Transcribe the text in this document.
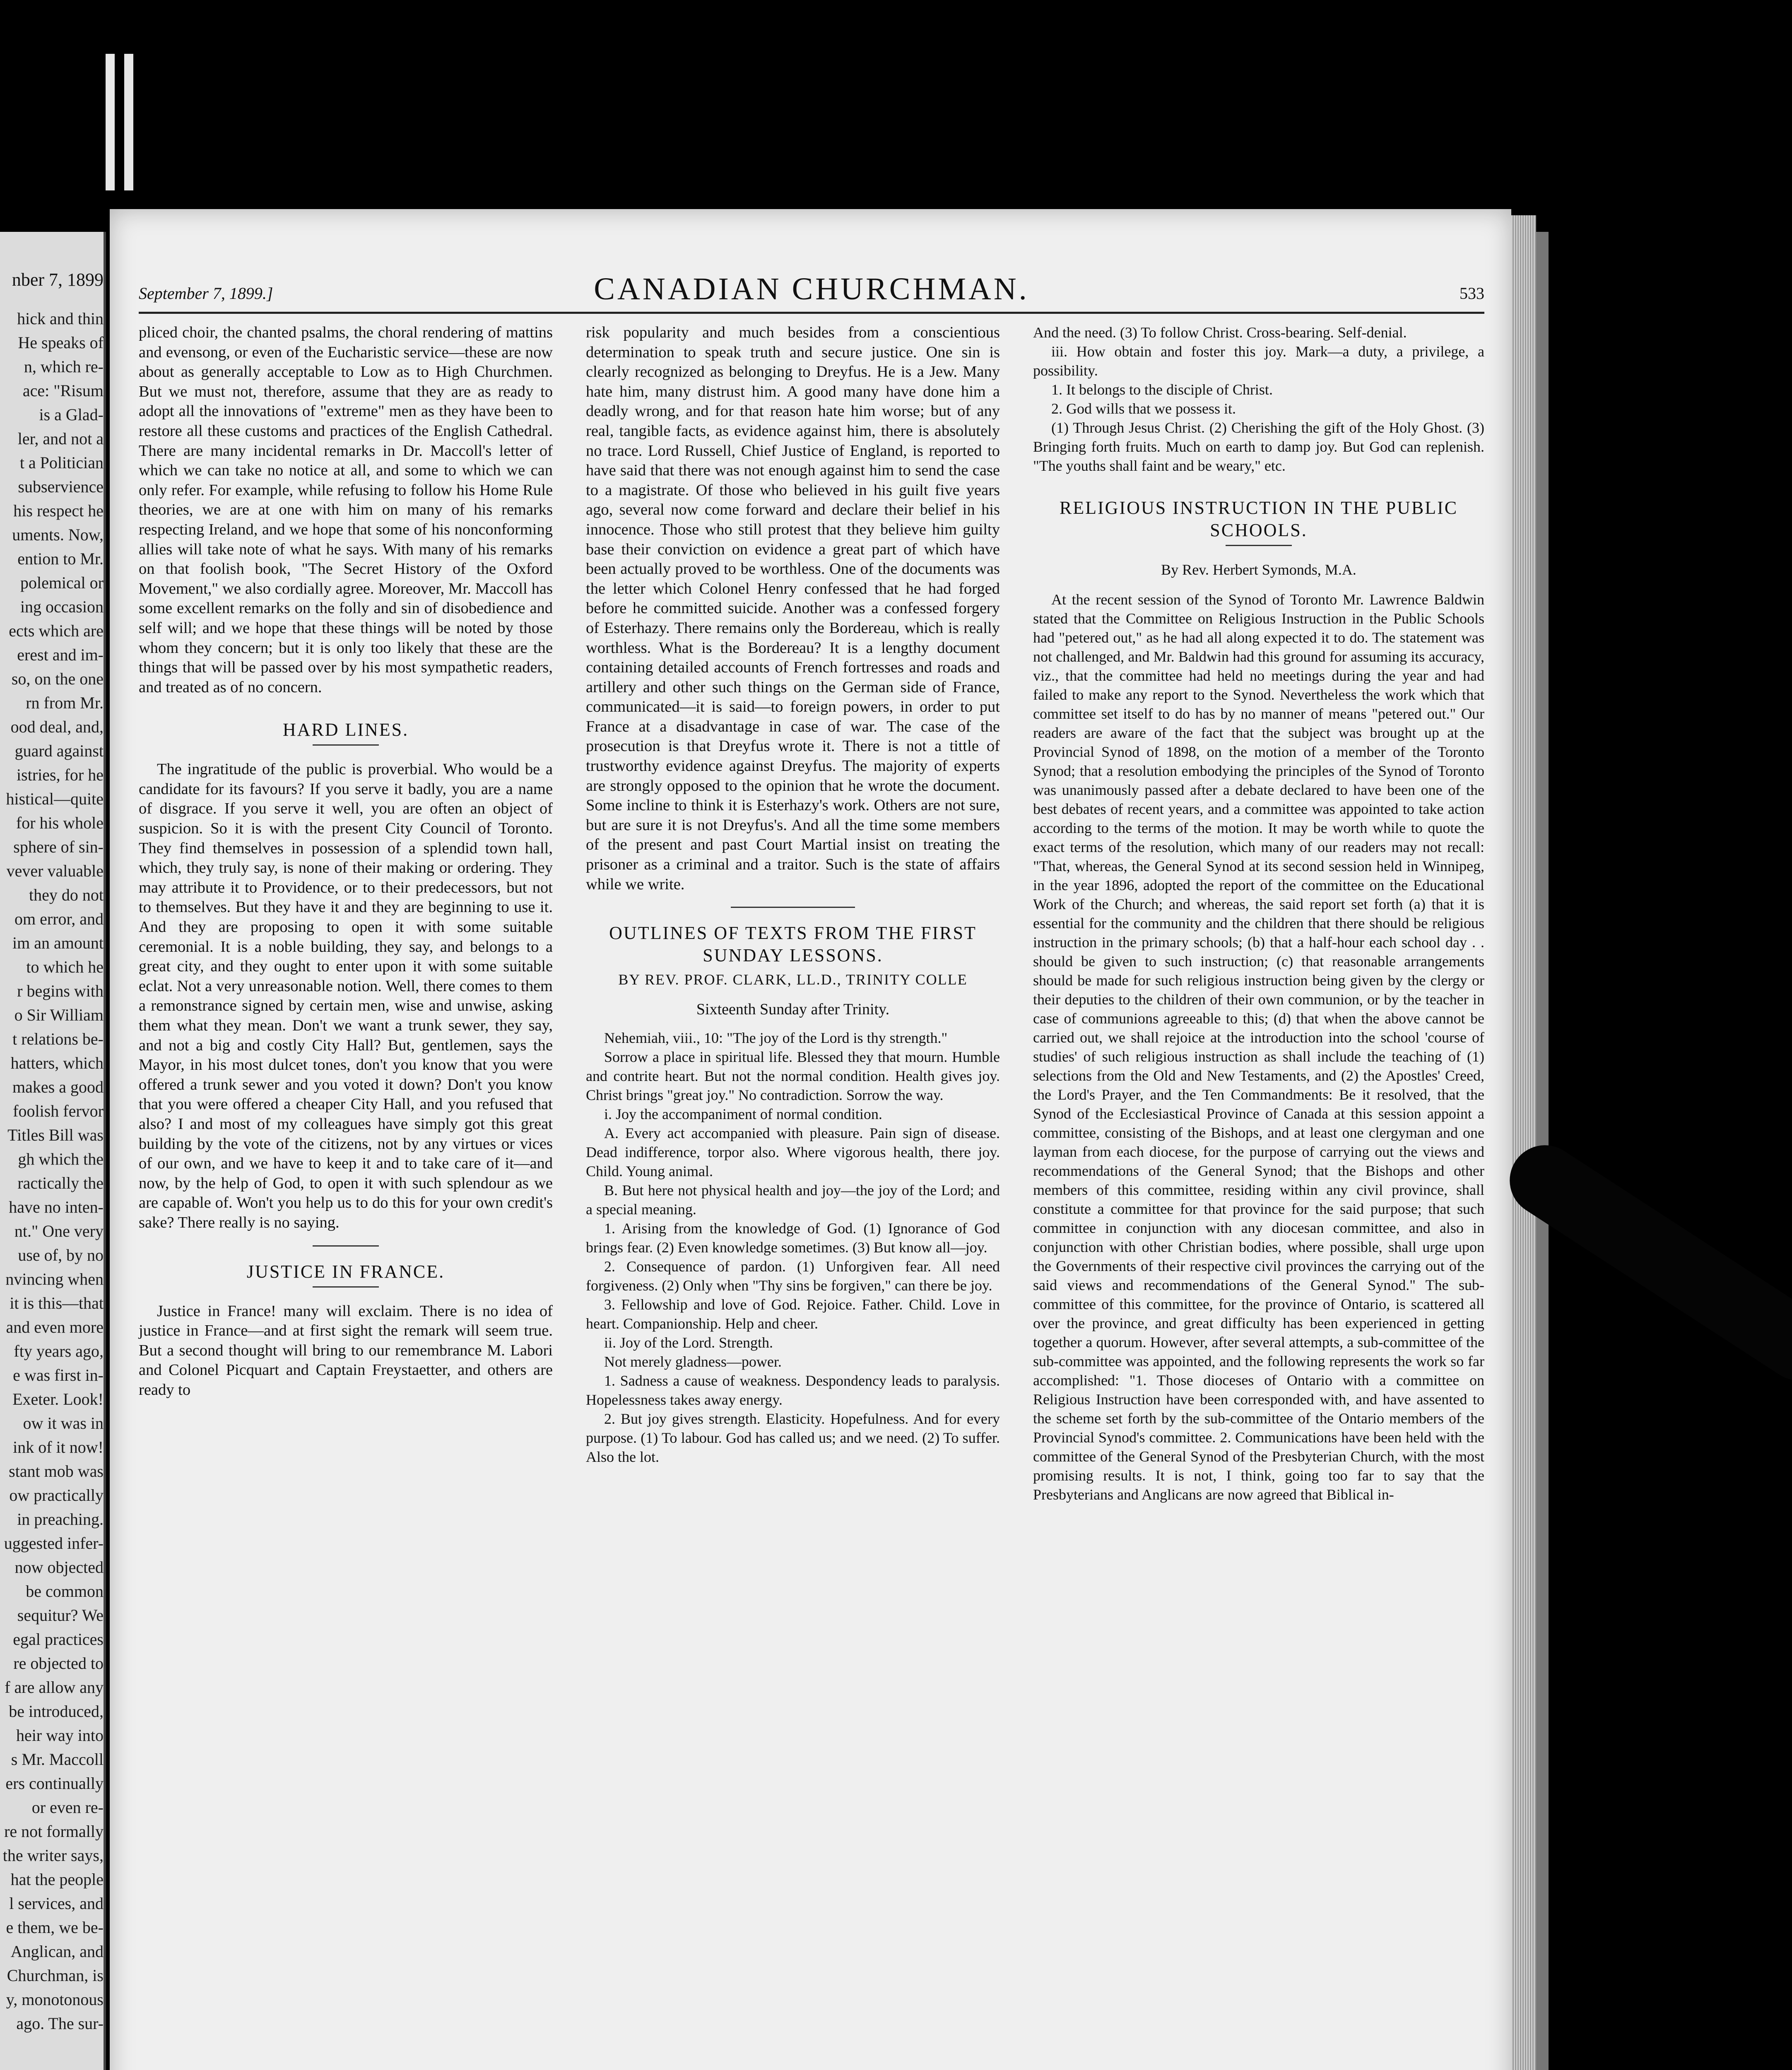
nber 7, 1899
hick and thin
He speaks of
n, which re-
ace: "Risum
is a Glad-
ler, and not a
t a Politician
subservience
his respect he
uments. Now,
ention to Mr.
polemical or
ing occasion
ects which are
erest and im-
so, on the one
rn from Mr.
ood deal, and,
guard against
istries, for he
histical—quite
for his whole
sphere of sin-
vever valuable
they do not
om error, and
im an amount
to which he
r begins with
o Sir William
t relations be-
hatters, which
makes a good
foolish fervor
Titles Bill was
gh which the
ractically the
have no inten-
nt." One very
use of, by no
nvincing when
it is this—that
and even more
fty years ago,
e was first in-
Exeter. Look!
ow it was in
ink of it now!
stant mob was
ow practically
in preaching.
uggested infer-
now objected
be common
sequitur? We
egal practices
re objected to
f are allow any
be introduced,
heir way into
s Mr. Maccoll
ers continually
or even re-
re not formally
the writer says,
hat the people
l services, and
e them, we be-
Anglican, and
Churchman, is
y, monotonous
ago. The sur-
September 7, 1899.]	CANADIAN CHURCHMAN.	533

pliced choir, the chanted psalms, the choral rendering of mattins and evensong, or even of the Eucharistic service—these are now about as generally acceptable to Low as to High Churchmen. But we must not, therefore, assume that they are as ready to adopt all the innovations of "extreme" men as they have been to restore all these customs and practices of the English Cathedral. There are many incidental remarks in Dr. Maccoll's letter of which we can take no notice at all, and some to which we can only refer. For example, while refusing to follow his Home Rule theories, we are at one with him on many of his remarks respecting Ireland, and we hope that some of his nonconforming allies will take note of what he says. With many of his remarks on that foolish book, "The Secret History of the Oxford Movement," we also cordially agree. Moreover, Mr. Maccoll has some excellent remarks on the folly and sin of disobedience and self will; and we hope that these things will be noted by those whom they concern; but it is only too likely that these are the things that will be passed over by his most sympathetic readers, and treated as of no concern.

HARD LINES.

The ingratitude of the public is proverbial. Who would be a candidate for its favours? If you serve it badly, you are a name of disgrace. If you serve it well, you are often an object of suspicion. So it is with the present City Council of Toronto. They find themselves in possession of a splendid town hall, which, they truly say, is none of their making or ordering. They may attribute it to Providence, or to their predecessors, but not to themselves. But they have it and they are beginning to use it. And they are proposing to open it with some suitable ceremonial. It is a noble building, they say, and belongs to a great city, and they ought to enter upon it with some suitable eclat. Not a very unreasonable notion. Well, there comes to them a remonstrance signed by certain men, wise and unwise, asking them what they mean. Don't we want a trunk sewer, they say, and not a big and costly City Hall? But, gentlemen, says the Mayor, in his most dulcet tones, don't you know that you were offered a trunk sewer and you voted it down? Don't you know that you were offered a cheaper City Hall, and you refused that also? I and most of my colleagues have simply got this great building by the vote of the citizens, not by any virtues or vices of our own, and we have to keep it and to take care of it—and now, by the help of God, to open it with such splendour as we are capable of. Won't you help us to do this for your own credit's sake? There really is no saying.

JUSTICE IN FRANCE.

Justice in France! many will exclaim. There is no idea of justice in France—and at first sight the remark will seem true. But a second thought will bring to our remembrance M. Labori and Colonel Picquart and Captain Freystaetter, and others are ready to

risk popularity and much besides from a conscientious determination to speak truth and secure justice. One sin is clearly recognized as belonging to Dreyfus. He is a Jew. Many hate him, many distrust him. A good many have done him a deadly wrong, and for that reason hate him worse; but of any real, tangible facts, as evidence against him, there is absolutely no trace. Lord Russell, Chief Justice of England, is reported to have said that there was not enough against him to send the case to a magistrate. Of those who believed in his guilt five years ago, several now come forward and declare their belief in his innocence. Those who still protest that they believe him guilty base their conviction on evidence a great part of which have been actually proved to be worthless. One of the documents was the letter which Colonel Henry confessed that he had forged before he committed suicide. Another was a confessed forgery of Esterhazy. There remains only the Bordereau, which is really worthless. What is the Bordereau? It is a lengthy document containing detailed accounts of French fortresses and roads and artillery and other such things on the German side of France, communicated—it is said—to foreign powers, in order to put France at a disadvantage in case of war. The case of the prosecution is that Dreyfus wrote it. There is not a tittle of trustworthy evidence against Dreyfus. The majority of experts are strongly opposed to the opinion that he wrote the document. Some incline to think it is Esterhazy's work. Others are not sure, but are sure it is not Dreyfus's. And all the time some members of the present and past Court Martial insist on treating the prisoner as a criminal and a traitor. Such is the state of affairs while we write.

OUTLINES OF TEXTS FROM THE FIRST SUNDAY LESSONS.
BY REV. PROF. CLARK, LL.D., TRINITY COLLE
Sixteenth Sunday after Trinity.

Nehemiah, viii., 10: "The joy of the Lord is thy strength."

Sorrow a place in spiritual life. Blessed they that mourn. Humble and contrite heart. But not the normal condition. Health gives joy. Christ brings "great joy." No contradiction. Sorrow the way.

i. Joy the accompaniment of normal condition.

A. Every act accompanied with pleasure. Pain sign of disease. Dead indifference, torpor also. Where vigorous health, there joy. Child. Young animal.

B. But here not physical health and joy—the joy of the Lord; and a special meaning.

1. Arising from the knowledge of God. (1) Ignorance of God brings fear. (2) Even knowledge sometimes. (3) But know all—joy.

2. Consequence of pardon. (1) Unforgiven fear. All need forgiveness. (2) Only when "Thy sins be forgiven," can there be joy.

3. Fellowship and love of God. Rejoice. Father. Child. Love in heart. Companionship. Help and cheer.

ii. Joy of the Lord. Strength.

Not merely gladness—power.

1. Sadness a cause of weakness. Despondency leads to paralysis. Hopelessness takes away energy.

2. But joy gives strength. Elasticity. Hopefulness. And for every purpose. (1) To labour. God has called us; and we need. (2) To suffer. Also the lot.

And the need. (3) To follow Christ. Cross-bearing. Self-denial.

iii. How obtain and foster this joy. Mark—a duty, a privilege, a possibility.

1. It belongs to the disciple of Christ.

2. God wills that we possess it.

(1) Through Jesus Christ. (2) Cherishing the gift of the Holy Ghost. (3) Bringing forth fruits. Much on earth to damp joy. But God can replenish. "The youths shall faint and be weary," etc.

RELIGIOUS INSTRUCTION IN THE PUBLIC SCHOOLS.
By Rev. Herbert Symonds, M.A.

At the recent session of the Synod of Toronto Mr. Lawrence Baldwin stated that the Committee on Religious Instruction in the Public Schools had "petered out," as he had all along expected it to do. The statement was not challenged, and Mr. Baldwin had this ground for assuming its accuracy, viz., that the committee had held no meetings during the year and had failed to make any report to the Synod. Nevertheless the work which that committee set itself to do has by no manner of means "petered out." Our readers are aware of the fact that the subject was brought up at the Provincial Synod of 1898, on the motion of a member of the Toronto Synod; that a resolution embodying the principles of the Synod of Toronto was unanimously passed after a debate declared to have been one of the best debates of recent years, and a committee was appointed to take action according to the terms of the motion. It may be worth while to quote the exact terms of the resolution, which many of our readers may not recall: "That, whereas, the General Synod at its second session held in Winnipeg, in the year 1896, adopted the report of the committee on the Educational Work of the Church; and whereas, the said report set forth (a) that it is essential for the community and the children that there should be religious instruction in the primary schools; (b) that a half-hour each school day . . should be given to such instruction; (c) that reasonable arrangements should be made for such religious instruction being given by the clergy or their deputies to the children of their own communion, or by the teacher in case of communions agreeable to this; (d) that when the above cannot be carried out, we shall rejoice at the introduction into the school 'course of studies' of such religious instruction as shall include the teaching of (1) selections from the Old and New Testaments, and (2) the Apostles' Creed, the Lord's Prayer, and the Ten Commandments: Be it resolved, that the Synod of the Ecclesiastical Province of Canada at this session appoint a committee, consisting of the Bishops, and at least one clergyman and one layman from each diocese, for the purpose of carrying out the views and recommendations of the General Synod; that the Bishops and other members of this committee, residing within any civil province, shall constitute a committee for that province for the said purpose; that such committee in conjunction with any diocesan committee, and also in conjunction with other Christian bodies, where possible, shall urge upon the Governments of their respective civil provinces the carrying out of the said views and recommendations of the General Synod." The sub-committee of this committee, for the province of Ontario, is scattered all over the province, and great difficulty has been experienced in getting together a quorum. However, after several attempts, a sub-committee of the sub-committee was appointed, and the following represents the work so far accomplished: "1. Those dioceses of Ontario with a committee on Religious Instruction have been corresponded with, and have assented to the scheme set forth by the sub-committee of the Ontario members of the Provincial Synod's committee. 2. Communications have been held with the committee of the General Synod of the Presbyterian Church, with the most promising results. It is not, I think, going too far to say that the Presbyterians and Anglicans are now agreed that Biblical in-
